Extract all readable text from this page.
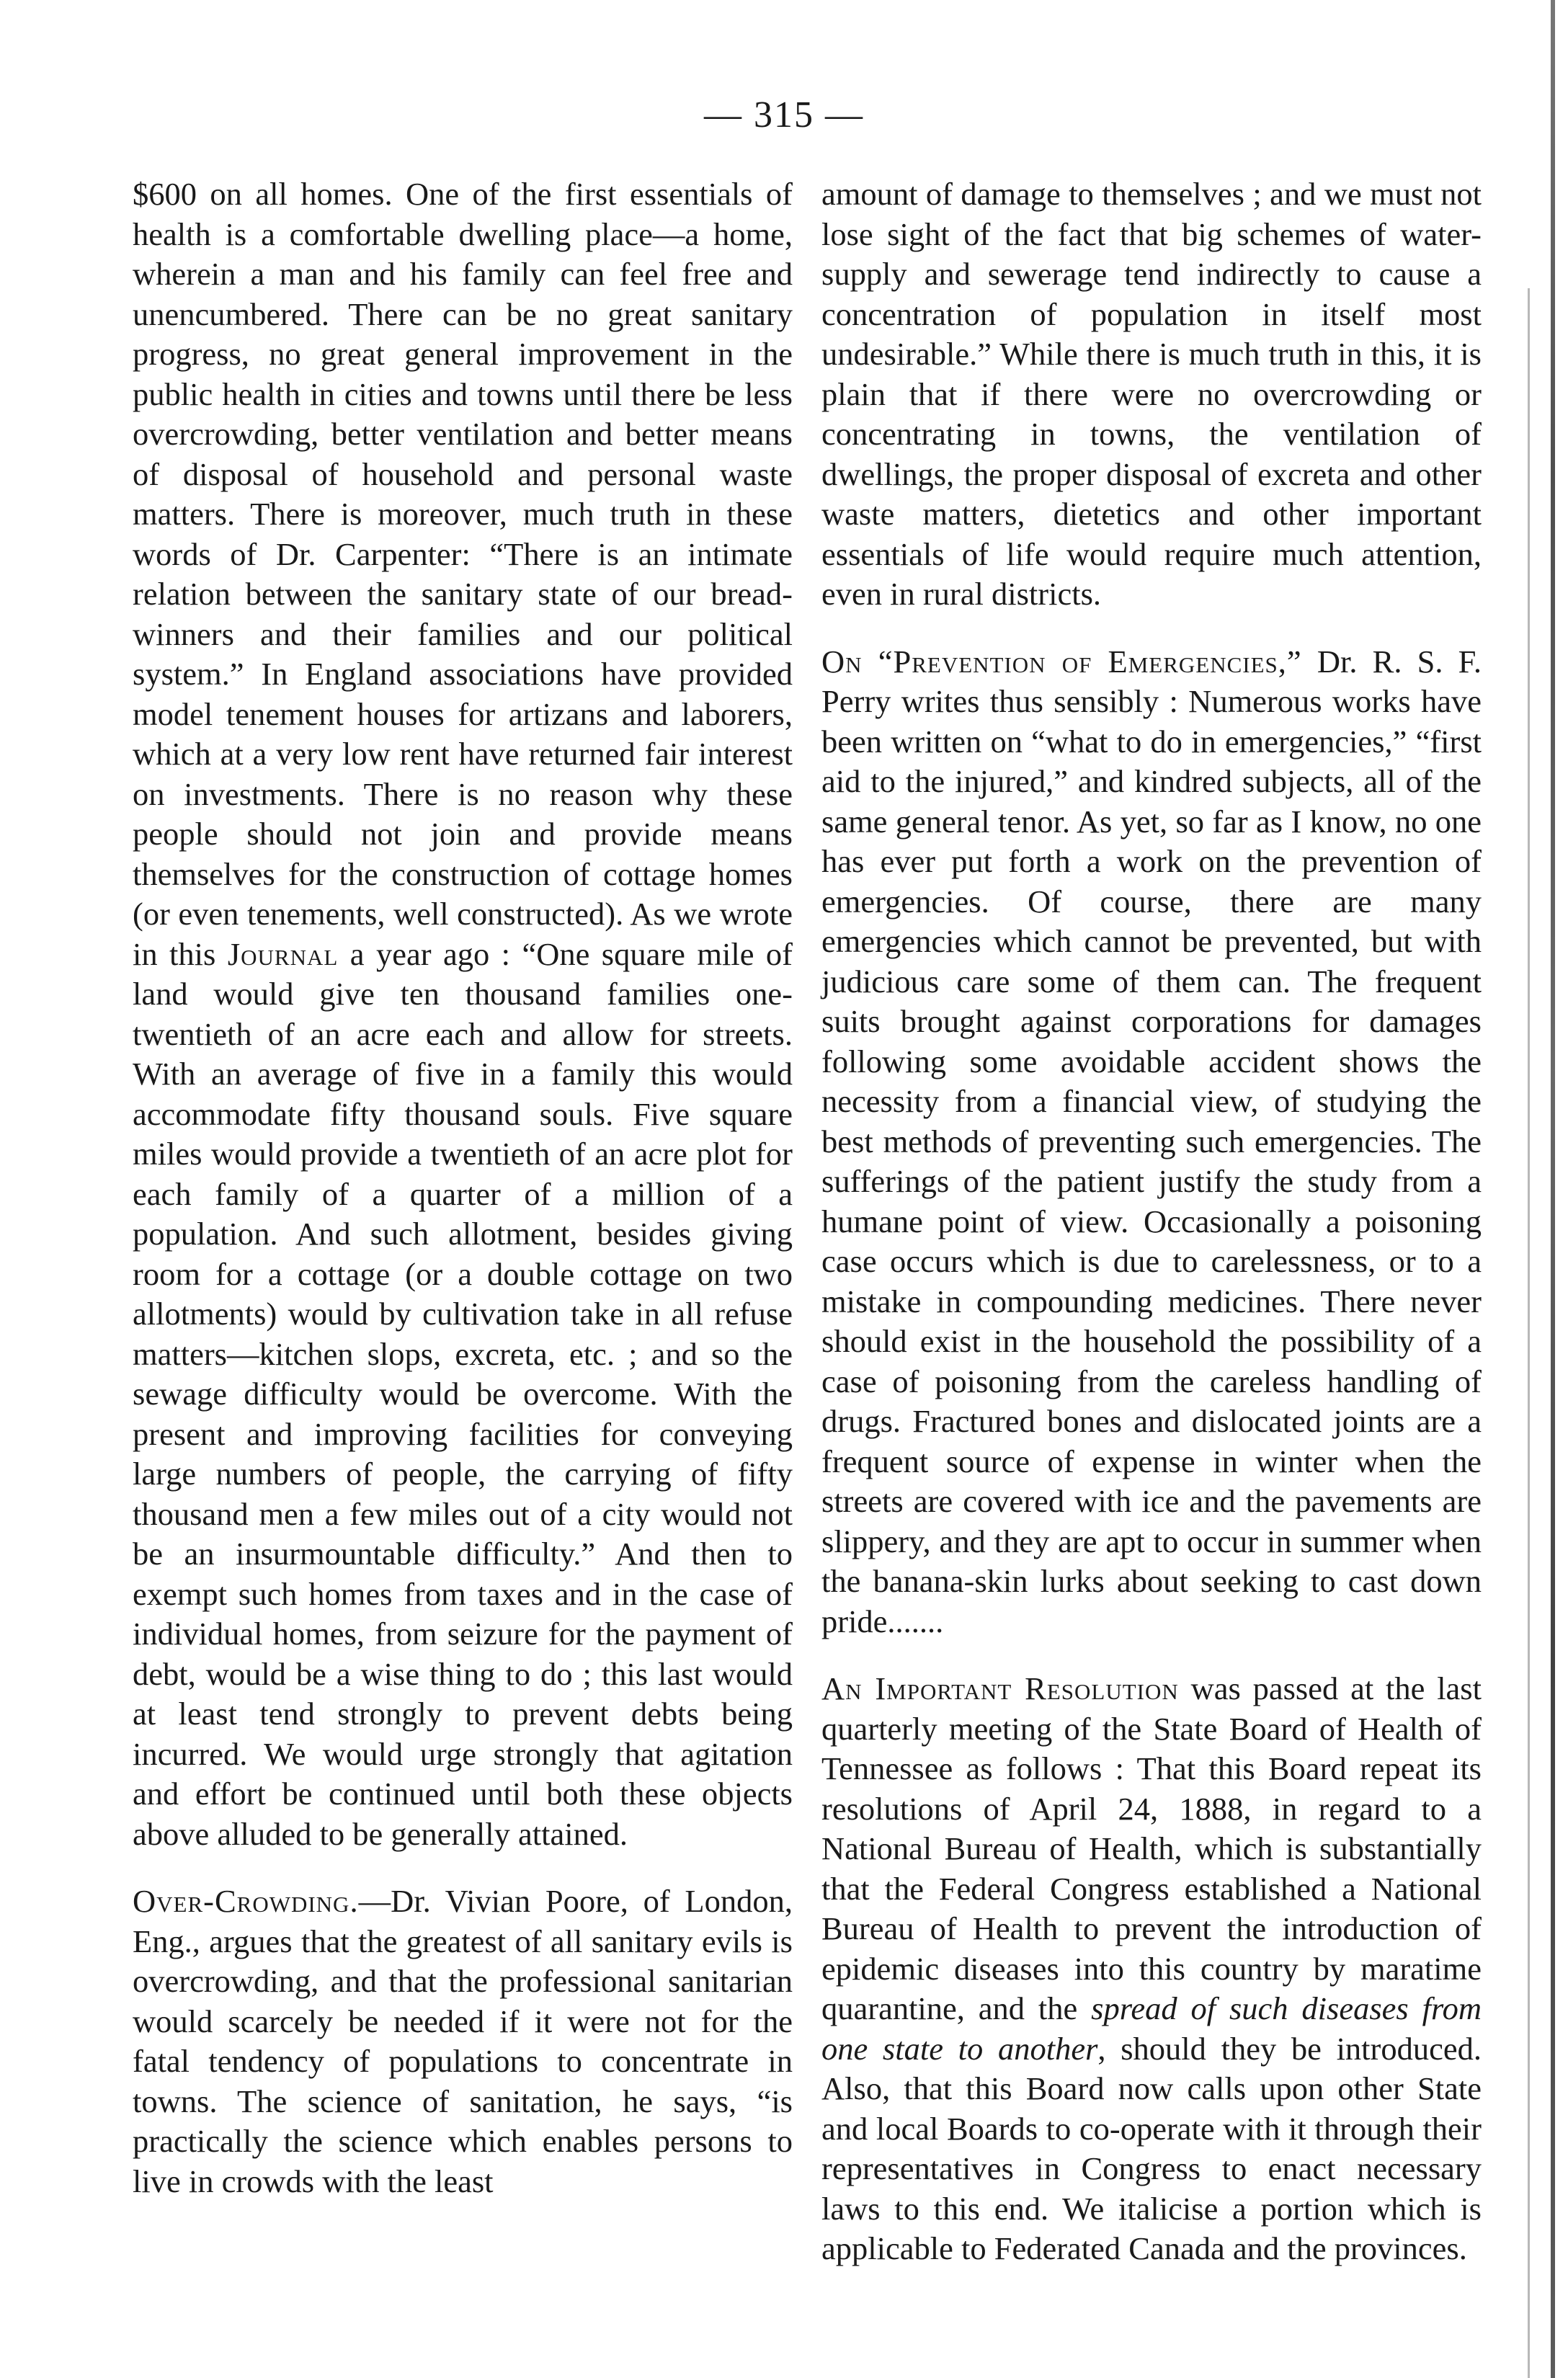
— 315 —

$600 on all homes. One of the first essentials of health is a comfortable dwelling place—a home, wherein a man and his family can feel free and unencumbered. There can be no great sanitary progress, no great general improvement in the public health in cities and towns until there be less overcrowding, better ventilation and better means of disposal of household and personal waste matters. There is moreover, much truth in these words of Dr. Carpenter: “There is an intimate relation between the sanitary state of our bread-winners and their families and our political system.” In England associations have provided model tenement houses for artizans and laborers, which at a very low rent have returned fair interest on investments. There is no reason why these people should not join and provide means themselves for the construction of cottage homes (or even tenements, well constructed). As we wrote in this Journal a year ago : “One square mile of land would give ten thousand families one-twentieth of an acre each and allow for streets. With an average of five in a family this would accommodate fifty thousand souls. Five square miles would provide a twentieth of an acre plot for each family of a quarter of a million of a population. And such allotment, besides giving room for a cottage (or a double cottage on two allotments) would by cultivation take in all refuse matters—kitchen slops, excreta, etc. ; and so the sewage difficulty would be overcome. With the present and improving facilities for conveying large numbers of people, the carrying of fifty thousand men a few miles out of a city would not be an insurmountable difficulty.” And then to exempt such homes from taxes and in the case of individual homes, from seizure for the payment of debt, would be a wise thing to do ; this last would at least tend strongly to prevent debts being incurred. We would urge strongly that agitation and effort be continued until both these objects above alluded to be generally attained.

Over-Crowding.—Dr. Vivian Poore, of London, Eng., argues that the greatest of all sanitary evils is overcrowding, and that the professional sanitarian would scarcely be needed if it were not for the fatal tendency of populations to concentrate in towns. The science of sanitation, he says, “is practically the science which enables persons to live in crowds with the least

amount of damage to themselves ; and we must not lose sight of the fact that big schemes of water-supply and sewerage tend indirectly to cause a concentration of population in itself most undesirable.” While there is much truth in this, it is plain that if there were no overcrowding or concentrating in towns, the ventilation of dwellings, the proper disposal of excreta and other waste matters, dietetics and other important essentials of life would require much attention, even in rural districts.

On “Prevention of Emergencies,” Dr. R. S. F. Perry writes thus sensibly : Numerous works have been written on “what to do in emergencies,” “first aid to the injured,” and kindred subjects, all of the same general tenor. As yet, so far as I know, no one has ever put forth a work on the prevention of emergencies. Of course, there are many emergencies which cannot be prevented, but with judicious care some of them can. The frequent suits brought against corporations for damages following some avoidable accident shows the necessity from a financial view, of studying the best methods of preventing such emergencies. The sufferings of the patient justify the study from a humane point of view. Occasionally a poisoning case occurs which is due to carelessness, or to a mistake in compounding medicines. There never should exist in the household the possibility of a case of poisoning from the careless handling of drugs. Fractured bones and dislocated joints are a frequent source of expense in winter when the streets are covered with ice and the pavements are slippery, and they are apt to occur in summer when the banana-skin lurks about seeking to cast down pride.......

An Important Resolution was passed at the last quarterly meeting of the State Board of Health of Tennessee as follows : That this Board repeat its resolutions of April 24, 1888, in regard to a National Bureau of Health, which is substantially that the Federal Congress established a National Bureau of Health to prevent the introduction of epidemic diseases into this country by maratime quarantine, and the spread of such diseases from one state to another, should they be introduced. Also, that this Board now calls upon other State and local Boards to co-operate with it through their representatives in Congress to enact necessary laws to this end. We italicise a portion which is applicable to Federated Canada and the provinces.
